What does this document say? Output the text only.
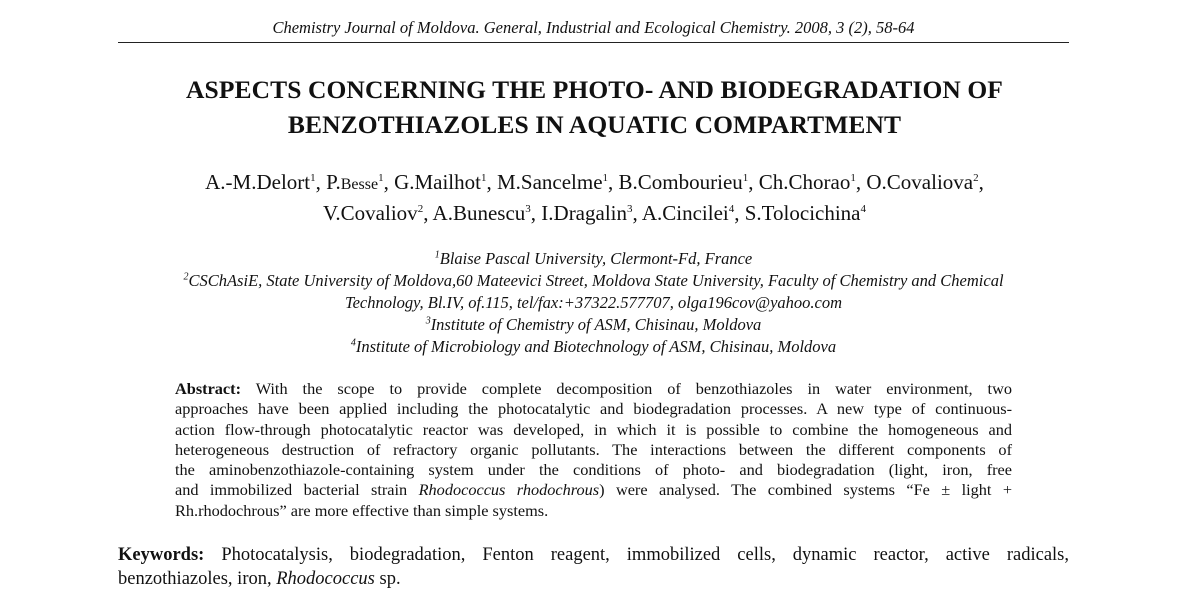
Chemistry Journal of Moldova. General, Industrial and Ecological Chemistry. 2008, 3 (2), 58-64
ASPECTS CONCERNING THE PHOTO- AND BIODEGRADATION OF
BENZOTHIAZOLES IN AQUATIC COMPARTMENT
A.-M.Delort$^1$, P.Besse$^1$, G.Mailhot$^1$, M.Sancelme$^1$, B.Combourieu$^1$, Ch.Chorao$^1$, O.Covaliova$^2$,
V.Covaliov$^2$, A.Bunescu$^3$, I.Dragalin$^3$, A.Cincilei$^4$, S.Tolocichina$^4$
$^1$Blaise Pascal University, Clermont-Fd, France
$^2$CSChAsiE, State University of Moldova,60 Mateevici Street, Moldova State University, Faculty of Chemistry and Chemical
Technology, Bl.IV, of.115, tel/fax:+37322.577707, olga196cov@yahoo.com
$^3$Institute of Chemistry of ASM, Chisinau, Moldova
$^4$Institute of Microbiology and Biotechnology of ASM, Chisinau, Moldova
Abstract: With the scope to provide complete decomposition of benzothiazoles in water environment, two
approaches have been applied including the photocatalytic and biodegradation processes. A new type of continuous-
action flow-through photocatalytic reactor was developed, in which it is possible to combine the homogeneous and
heterogeneous destruction of refractory organic pollutants. The interactions between the different components of
the aminobenzothiazole-containing system under the conditions of photo- and biodegradation (light, iron, free
and immobilized bacterial strain Rhodococcus rhodochrous) were analysed. The combined systems “Fe ± light +
Rh.rhodochrous” are more effective than simple systems.
Keywords: Photocatalysis, biodegradation, Fenton reagent, immobilized cells, dynamic reactor, active radicals,
benzothiazoles, iron, Rhodococcus sp.
